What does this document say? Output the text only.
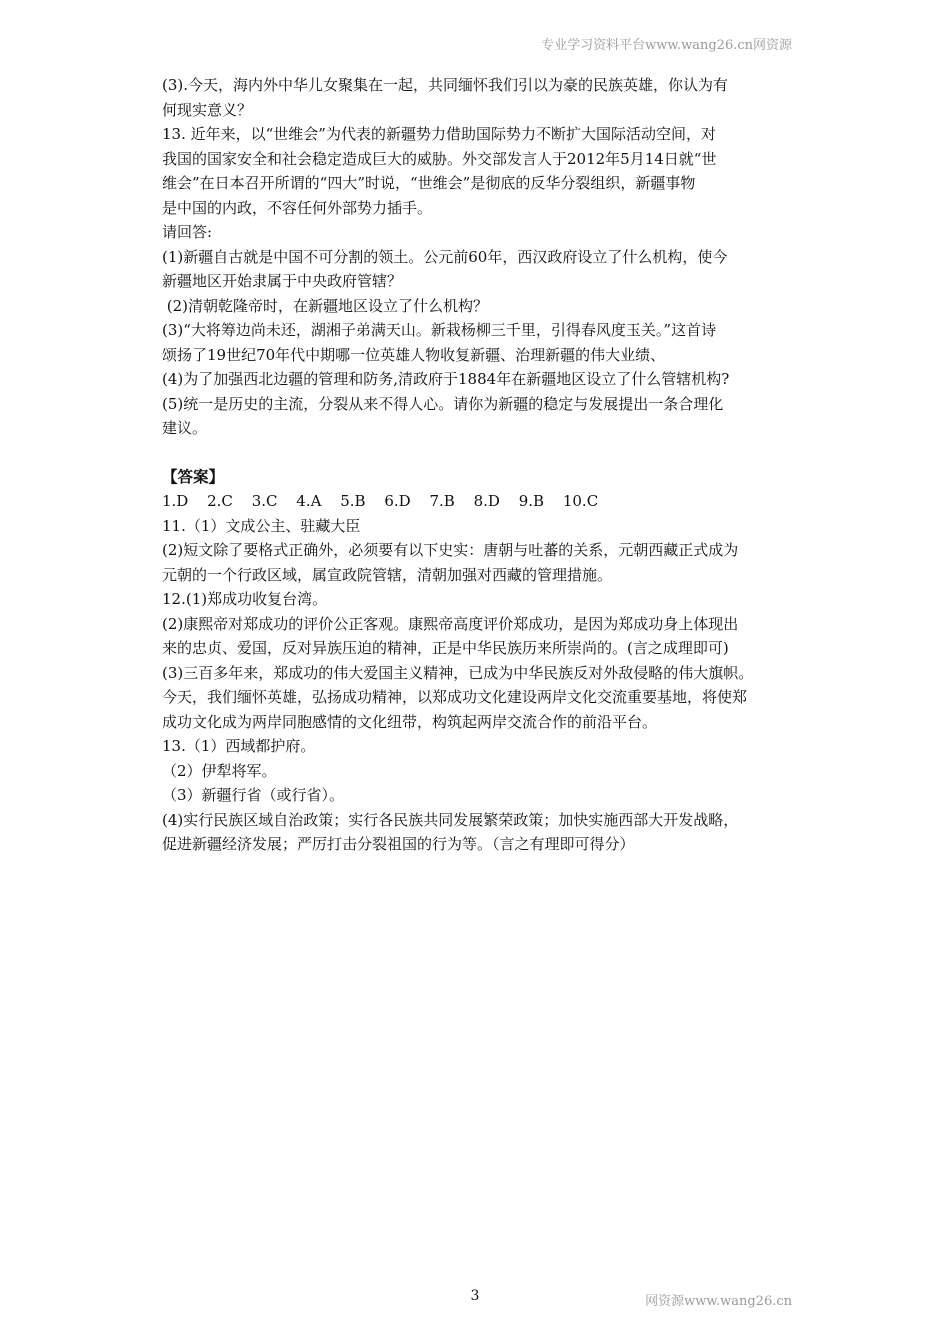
专业学习资料平台www.wang26.cn网资源

(3).今天，海内外中华儿女聚集在一起，共同缅怀我们引以为豪的民族英雄，你认为有
何现实意义？

13. 近年来，以“世维会”为代表的新疆势力借助国际势力不断扩大国际活动空间，对
我国的国家安全和社会稳定造成巨大的威胁。外交部发言人于2012年5月14日就“世
维会”在日本召开所谓的“四大”时说，“世维会”是彻底的反华分裂组织，新疆事物
是中国的内政，不容任何外部势力插手。

请回答:

(1)新疆自古就是中国不可分割的领土。公元前60年，西汉政府设立了什么机构，使今
新疆地区开始隶属于中央政府管辖？

(2)清朝乾隆帝时，在新疆地区设立了什么机构？

(3)“大将筹边尚未还，湖湘子弟满天山。新栽杨柳三千里，引得春风度玉关。”这首诗
颂扬了19世纪70年代中期哪一位英雄人物收复新疆、治理新疆的伟大业绩、

(4)为了加强西北边疆的管理和防务,清政府于1884年在新疆地区设立了什么管辖机构?

(5)统一是历史的主流，分裂从来不得人心。请你为新疆的稳定与发展提出一条合理化
建议。

【答案】

1.D 2.C 3.C 4.A 5.B 6.D 7.B 8.D 9.B 10.C

11.（1）文成公主、驻藏大臣

(2)短文除了要格式正确外，必须要有以下史实：唐朝与吐蕃的关系，元朝西藏正式成为
元朝的一个行政区域，属宣政院管辖，清朝加强对西藏的管理措施。

12.(1)郑成功收复台湾。

(2)康熙帝对郑成功的评价公正客观。康熙帝高度评价郑成功，是因为郑成功身上体现出
来的忠贞、爱国，反对异族压迫的精神，正是中华民族历来所崇尚的。(言之成理即可)

(3)三百多年来，郑成功的伟大爱国主义精神，已成为中华民族反对外敌侵略的伟大旗帜。
今天，我们缅怀英雄，弘扬成功精神，以郑成功文化建设两岸文化交流重要基地，将使郑
成功文化成为两岸同胞感情的文化纽带，构筑起两岸交流合作的前沿平台。

13.（1）西域都护府。

（2）伊犁将军。

（3）新疆行省（或行省）。

(4)实行民族区域自治政策；实行各民族共同发展繁荣政策；加快实施西部大开发战略，
促进新疆经济发展；严厉打击分裂祖国的行为等。（言之有理即可得分）

3	网资源www.wang26.cn
